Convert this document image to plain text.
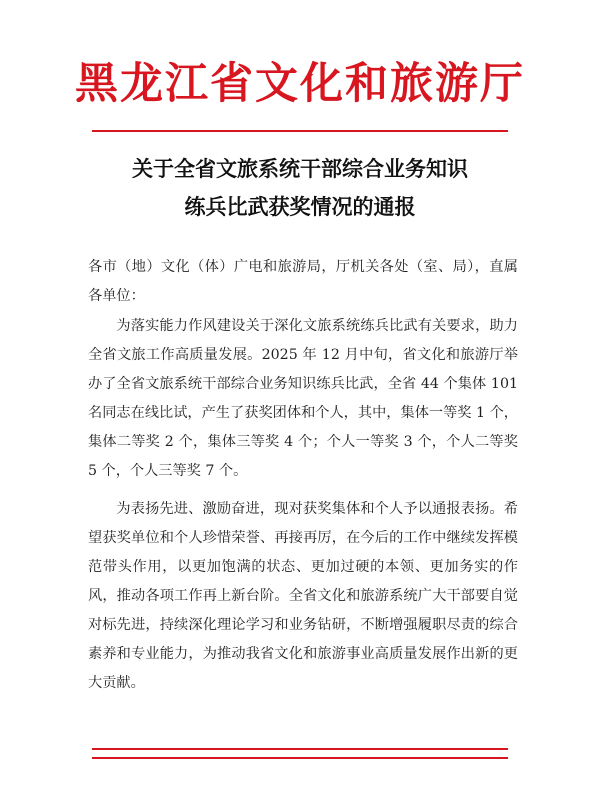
黑龙江省文化和旅游厅
关于全省文旅系统干部综合业务知识
练兵比武获奖情况的通报

各市（地）文化（体）广电和旅游局，厅机关各处（室、局），直属各单位：

为落实能力作风建设关于深化文旅系统练兵比武有关要求，助力全省文旅工作高质量发展。2025 年 12 月中旬，省文化和旅游厅举办了全省文旅系统干部综合业务知识练兵比武，全省 44 个集体 101 名同志在线比试，产生了获奖团体和个人，其中，集体一等奖 1 个，集体二等奖 2 个，集体三等奖 4 个；个人一等奖 3 个，个人二等奖 5 个，个人三等奖 7 个。

为表扬先进、激励奋进，现对获奖集体和个人予以通报表扬。希望获奖单位和个人珍惜荣誉、再接再厉，在今后的工作中继续发挥模范带头作用，以更加饱满的状态、更加过硬的本领、更加务实的作风，推动各项工作再上新台阶。全省文化和旅游系统广大干部要自觉对标先进，持续深化理论学习和业务钻研，不断增强履职尽责的综合素养和专业能力，为推动我省文化和旅游事业高质量发展作出新的更大贡献。
